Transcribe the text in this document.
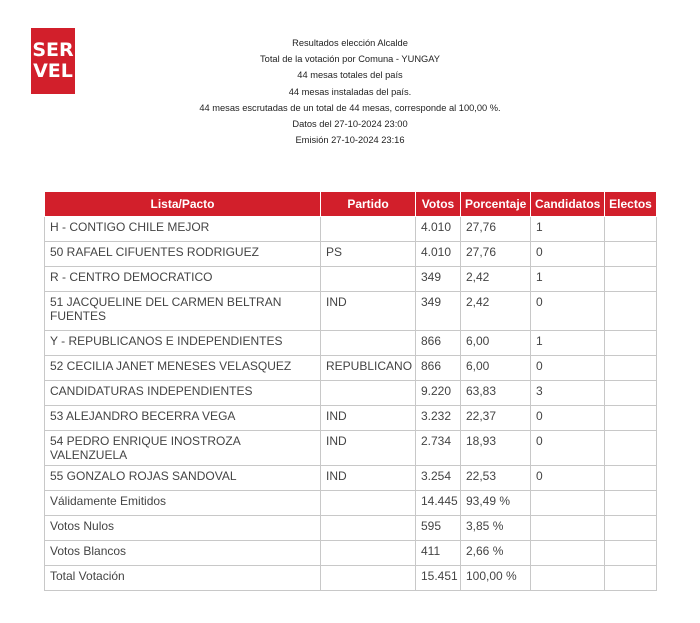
SER
VEL
Resultados elección Alcalde
Total de la votación por Comuna - YUNGAY
44 mesas totales del país
44 mesas instaladas del país.
44 mesas escrutadas de un total de 44 mesas, corresponde al 100,00 %.
Datos del 27-10-2024 23:00
Emisión 27-10-2024 23:16
Lista/Pacto	Partido	Votos	Porcentaje	Candidatos	Electos
H - CONTIGO CHILE MEJOR		4.010	27,76	1	
50 RAFAEL CIFUENTES RODRIGUEZ	PS	4.010	27,76	0	
R - CENTRO DEMOCRATICO		349	2,42	1	
51 JACQUELINE DEL CARMEN BELTRAN FUENTES	IND	349	2,42	0	
Y - REPUBLICANOS E INDEPENDIENTES		866	6,00	1	
52 CECILIA JANET MENESES VELASQUEZ	REPUBLICANO	866	6,00	0	
CANDIDATURAS INDEPENDIENTES		9.220	63,83	3	
53 ALEJANDRO BECERRA VEGA	IND	3.232	22,37	0	
54 PEDRO ENRIQUE INOSTROZA VALENZUELA	IND	2.734	18,93	0	
55 GONZALO ROJAS SANDOVAL	IND	3.254	22,53	0	
Válidamente Emitidos		14.445	93,49 %		
Votos Nulos		595	3,85 %		
Votos Blancos		411	2,66 %		
Total Votación		15.451	100,00 %		
